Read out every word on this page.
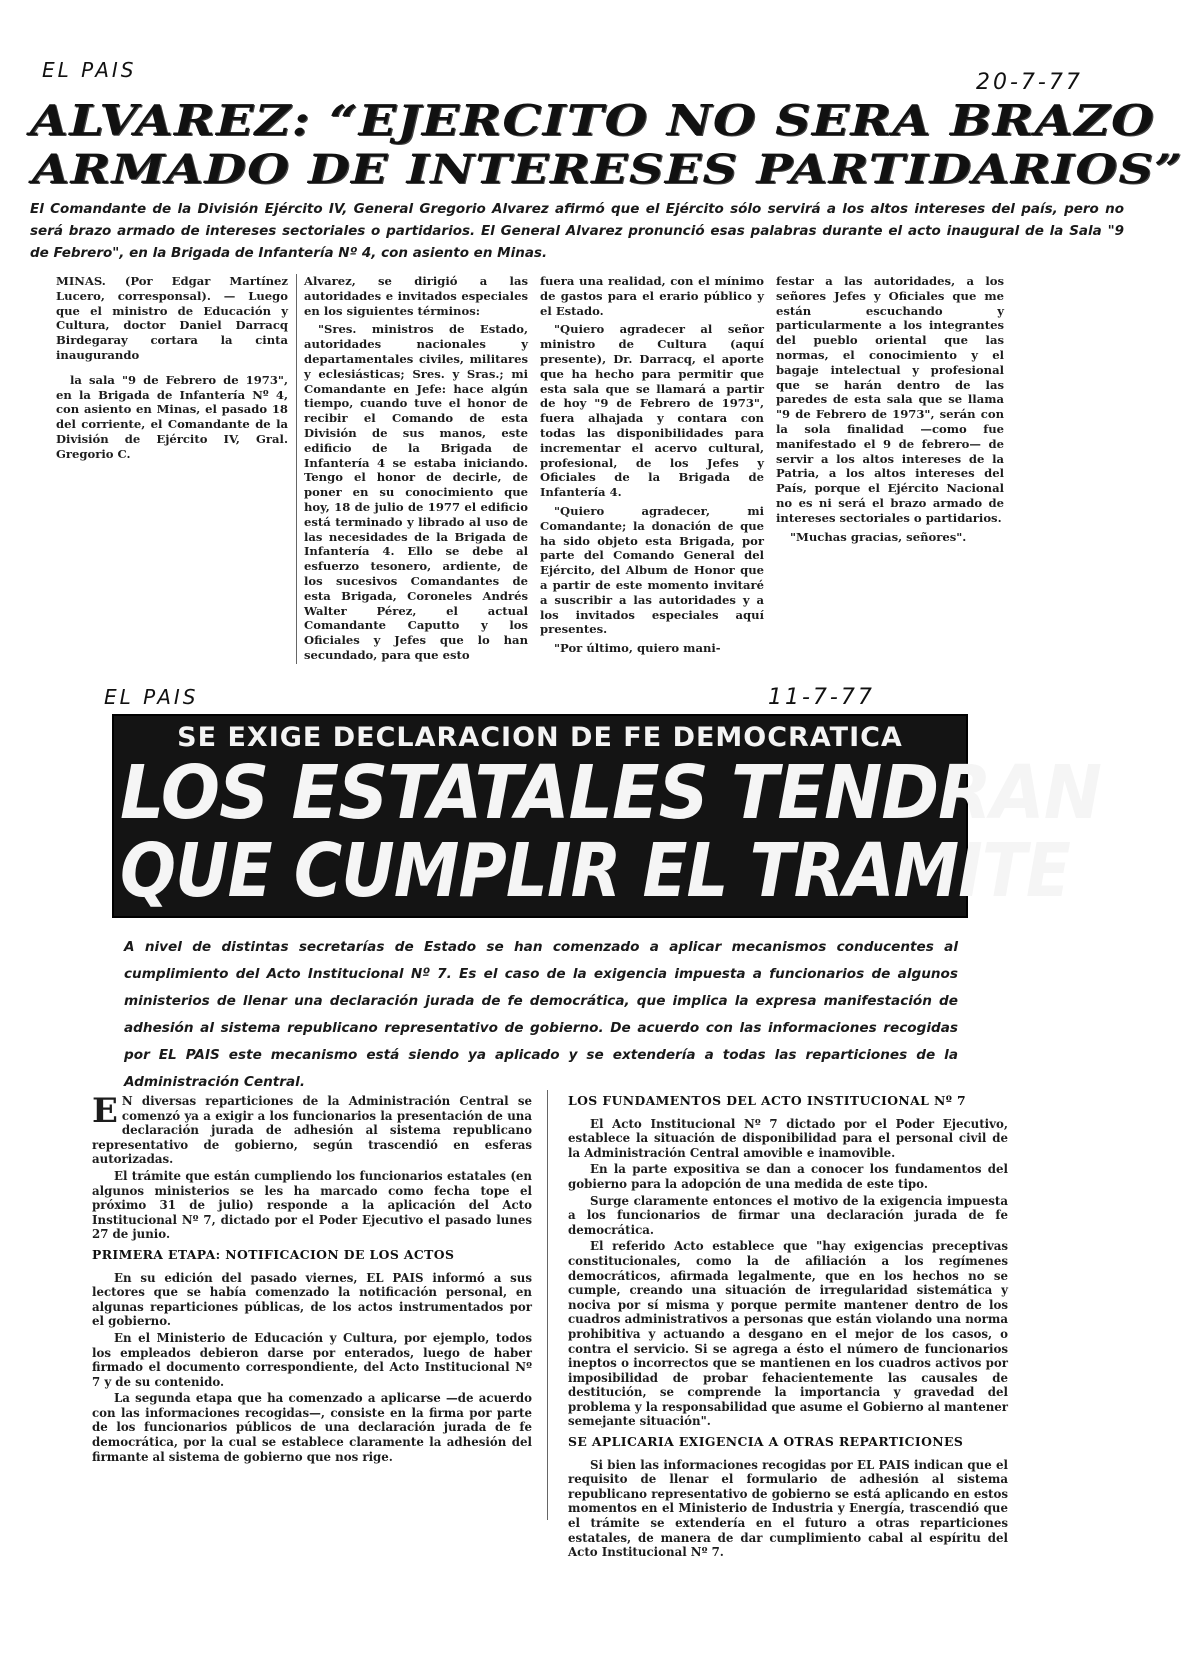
EL PAIS	20-7-77
ALVAREZ: “EJERCITO NO SERA BRAZO
ARMADO DE INTERESES PARTIDARIOS”

El Comandante de la División Ejército IV, General Gregorio Alvarez afirmó que el Ejército sólo servirá a los altos intereses del país, pero no será brazo armado de intereses sectoriales o partidarios. El General Alvarez pronunció esas palabras durante el acto inaugural de la Sala "9 de Febrero", en la Brigada de Infantería Nº 4, con asiento en Minas.

MINAS. (Por Edgar Martínez Lucero, corresponsal). — Luego que el ministro de Educación y Cultura, doctor Daniel Darracq Birdegaray cortara la cinta inaugurando

la sala "9 de Febrero de 1973", en la Brigada de Infantería Nº 4, con asiento en Minas, el pasado 18 del corriente, el Comandante de la División de Ejército IV, Gral. Gregorio C.

Alvarez, se dirigió a las autoridades e invitados especiales en los siguientes términos:

"Sres. ministros de Estado, autoridades nacionales y departamentales civiles, militares y eclesiásticas; Sres. y Sras.; mi Comandante en Jefe: hace algún tiempo, cuando tuve el honor de recibir el Comando de esta División de sus manos, este edificio de la Brigada de Infantería 4 se estaba iniciando. Tengo el honor de decirle, de poner en su conocimiento que hoy, 18 de julio de 1977 el edificio está terminado y librado al uso de las necesidades de la Brigada de Infantería 4. Ello se debe al esfuerzo tesonero, ardiente, de los sucesivos Comandantes de esta Brigada, Coroneles Andrés Walter Pérez, el actual Comandante Caputto y los Oficiales y Jefes que lo han secundado, para que esto

fuera una realidad, con el mínimo de gastos para el erario público y el Estado.

"Quiero agradecer al señor ministro de Cultura (aquí presente), Dr. Darracq, el aporte que ha hecho para permitir que esta sala que se llamará a partir de hoy "9 de Febrero de 1973", fuera alhajada y contara con todas las disponibilidades para incrementar el acervo cultural, profesional, de los Jefes y Oficiales de la Brigada de Infantería 4.

"Quiero agradecer, mi Comandante; la donación de que ha sido objeto esta Brigada, por parte del Comando General del Ejército, del Album de Honor que a partir de este momento invitaré a suscribir a las autoridades y a los invitados especiales aquí presentes.

"Por último, quiero mani-

festar a las autoridades, a los señores Jefes y Oficiales que me están escuchando y particularmente a los integrantes del pueblo oriental que las normas, el conocimiento y el bagaje intelectual y profesional que se harán dentro de las paredes de esta sala que se llama "9 de Febrero de 1973", serán con la sola finalidad —como fue manifestado el 9 de febrero— de servir a los altos intereses de la Patria, a los altos intereses del País, porque el Ejército Nacional no es ni será el brazo armado de intereses sectoriales o partidarios.

"Muchas gracias, señores".

EL PAIS	11-7-77
SE EXIGE DECLARACION DE FE DEMOCRATICA
LOS ESTATALES TENDRAN
QUE CUMPLIR EL TRAMITE

A nivel de distintas secretarías de Estado se han comenzado a aplicar mecanismos conducentes al cumplimiento del Acto Institucional Nº 7. Es el caso de la exigencia impuesta a funcionarios de algunos ministerios de llenar una declaración jurada de fe democrática, que implica la expresa manifestación de adhesión al sistema republicano representativo de gobierno. De acuerdo con las informaciones recogidas por EL PAIS este mecanismo está siendo ya aplicado y se extendería a todas las reparticiones de la Administración Central.

E N diversas reparticiones de la Administración Central se comenzó ya a exigir a los funcionarios la presentación de una declaración jurada de adhesión al sistema republicano representativo de gobierno, según trascendió en esferas autorizadas.

El trámite que están cumpliendo los funcionarios estatales (en algunos ministerios se les ha marcado como fecha tope el próximo 31 de julio) responde a la aplicación del Acto Institucional Nº 7, dictado por el Poder Ejecutivo el pasado lunes 27 de junio.

PRIMERA ETAPA: NOTIFICACION DE LOS ACTOS

En su edición del pasado viernes, EL PAIS informó a sus lectores que se había comenzado la notificación personal, en algunas reparticiones públicas, de los actos instrumentados por el gobierno.

En el Ministerio de Educación y Cultura, por ejemplo, todos los empleados debieron darse por enterados, luego de haber firmado el documento correspondiente, del Acto Institucional Nº 7 y de su contenido.

La segunda etapa que ha comenzado a aplicarse —de acuerdo con las informaciones recogidas—, consiste en la firma por parte de los funcionarios públicos de una declaración jurada de fe democrática, por la cual se establece claramente la adhesión del firmante al sistema de gobierno que nos rige.

LOS FUNDAMENTOS DEL ACTO INSTITUCIONAL Nº 7

El Acto Institucional Nº 7 dictado por el Poder Ejecutivo, establece la situación de disponibilidad para el personal civil de la Administración Central amovible e inamovible.

En la parte expositiva se dan a conocer los fundamentos del gobierno para la adopción de una medida de este tipo.

Surge claramente entonces el motivo de la exigencia impuesta a los funcionarios de firmar una declaración jurada de fe democrática.

El referido Acto establece que "hay exigencias preceptivas constitucionales, como la de afiliación a los regímenes democráticos, afirmada legalmente, que en los hechos no se cumple, creando una situación de irregularidad sistemática y nociva por sí misma y porque permite mantener dentro de los cuadros administrativos a personas que están violando una norma prohibitiva y actuando a desgano en el mejor de los casos, o contra el servicio. Si se agrega a ésto el número de funcionarios ineptos o incorrectos que se mantienen en los cuadros activos por imposibilidad de probar fehacientemente las causales de destitución, se comprende la importancia y gravedad del problema y la responsabilidad que asume el Gobierno al mantener semejante situación".

SE APLICARIA EXIGENCIA A OTRAS REPARTICIONES

Si bien las informaciones recogidas por EL PAIS indican que el requisito de llenar el formulario de adhesión al sistema republicano representativo de gobierno se está aplicando en estos momentos en el Ministerio de Industria y Energía, trascendió que el trámite se extendería en el futuro a otras reparticiones estatales, de manera de dar cumplimiento cabal al espíritu del Acto Institucional Nº 7.
